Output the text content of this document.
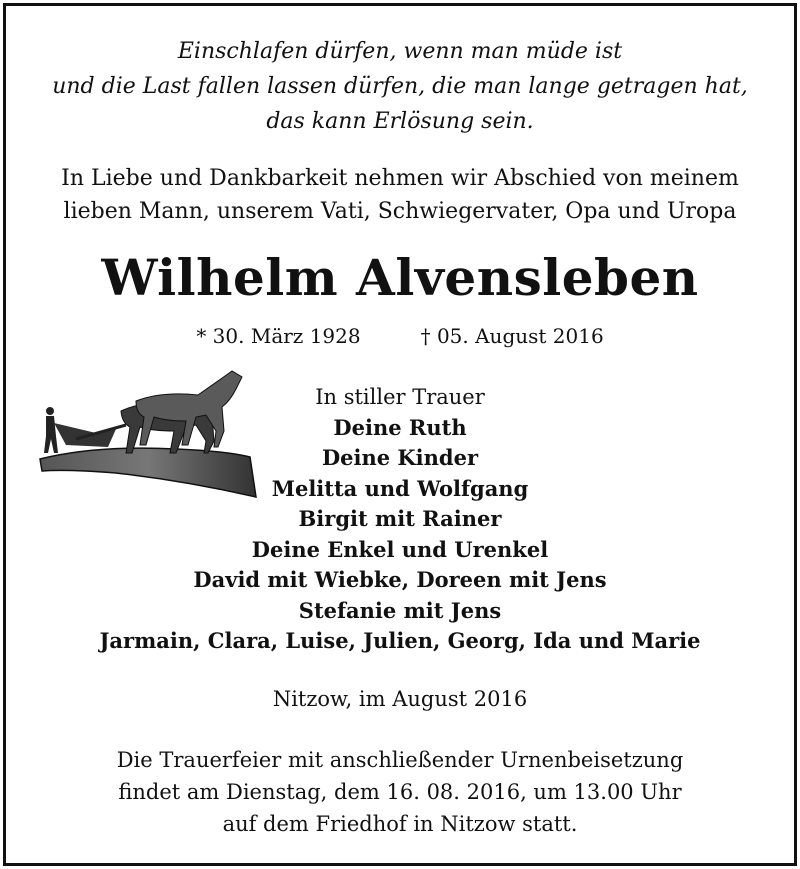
Einschlafen dürfen, wenn man müde ist
und die Last fallen lassen dürfen, die man lange getragen hat,
das kann Erlösung sein.
In Liebe und Dankbarkeit nehmen wir Abschied von meinem
lieben Mann, unserem Vati, Schwiegervater, Opa und Uropa
Wilhelm Alvensleben
* 30. März 1928	† 05. August 2016
In stiller Trauer
Deine Ruth
Deine Kinder
Melitta und Wolfgang
Birgit mit Rainer
Deine Enkel und Urenkel
David mit Wiebke, Doreen mit Jens
Stefanie mit Jens
Jarmain, Clara, Luise, Julien, Georg, Ida und Marie
Nitzow, im August 2016
Die Trauerfeier mit anschließender Urnenbeisetzung
findet am Dienstag, dem 16. 08. 2016, um 13.00 Uhr
auf dem Friedhof in Nitzow statt.
